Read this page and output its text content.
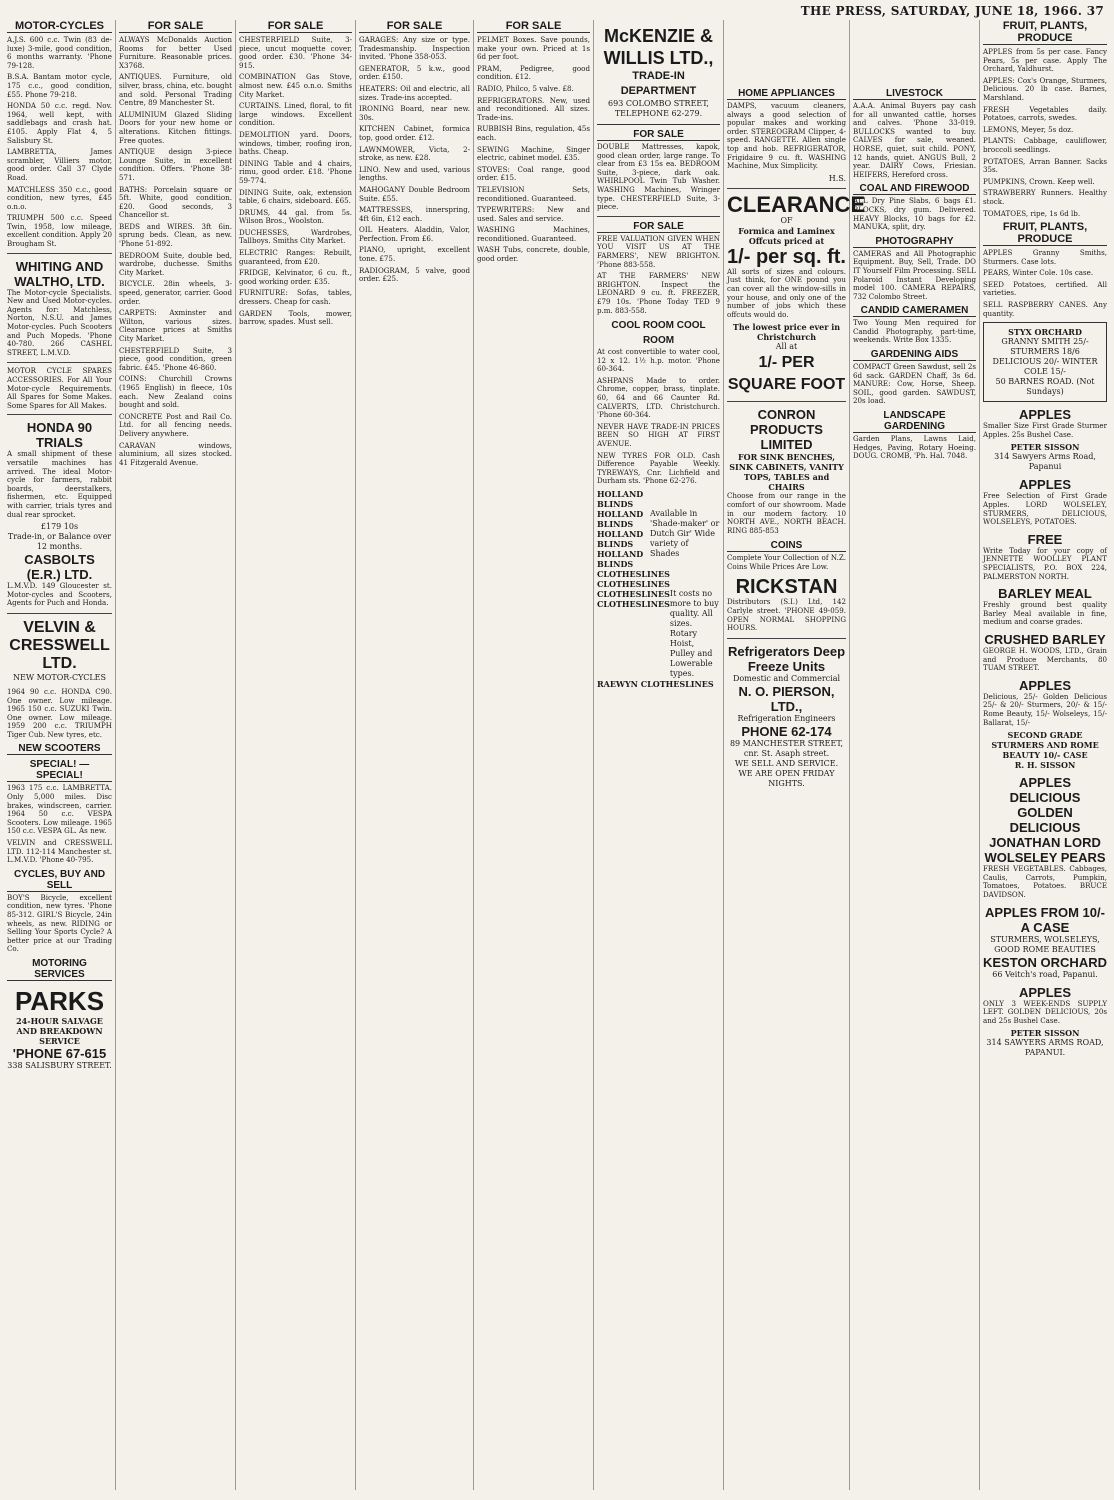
THE PRESS, SATURDAY, JUNE 18, 1966. 37
MOTOR-CYCLES

A.J.S. 600 c.c. Twin (83 de-luxe) 3-mile, good condition, 6 months warranty. 'Phone 79-128.

B.S.A. Bantam motor cycle, 175 c.c., good condition, £55. Phone 79-218.

HONDA 50 c.c. regd. Nov. 1964, well kept, with saddlebags and crash hat. £105. Apply Flat 4, 5 Salisbury St.

LAMBRETTA, James scrambler, Villiers motor, good order. Call 37 Clyde Road.

MATCHLESS 350 c.c., good condition, new tyres, £45 o.n.o.

TRIUMPH 500 c.c. Speed Twin, 1958, low mileage, excellent condition. Apply 20 Brougham St.

WHITING AND WALTHO, LTD.

The Motor-cycle Specialists. New and Used Motor-cycles. Agents for: Matchless, Norton, N.S.U. and James Motor-cycles. Puch Scooters and Puch Mopeds. 'Phone 40-780. 266 CASHEL STREET, L.M.V.D.

MOTOR CYCLE SPARES ACCESSORIES. For All Your Motor-cycle Requirements. All Spares for Some Makes. Some Spares for All Makes.

HONDA 90 TRIALS

A small shipment of these versatile machines has arrived. The ideal Motor-cycle for farmers, rabbit boards, deerstalkers, fishermen, etc. Equipped with carrier, trials tyres and dual rear sprocket.

£179 10s
Trade-in, or Balance over 12 months.
CASBOLTS (E.R.) LTD.

L.M.V.D. 149 Gloucester st. Motor-cycles and Scooters, Agents for Puch and Honda.

VELVIN & CRESSWELL LTD.
NEW MOTOR-CYCLES

1964 90 c.c. HONDA C90. One owner. Low mileage. 1965 150 c.c. SUZUKI Twin. One owner. Low mileage. 1959 200 c.c. TRIUMPH Tiger Cub. New tyres, etc.

NEW SCOOTERS
SPECIAL! — SPECIAL!

1963 175 c.c. LAMBRETTA. Only 5,000 miles. Disc brakes, windscreen, carrier. 1964 50 c.c. VESPA Scooters. Low mileage. 1965 150 c.c. VESPA GL. As new.

VELVIN and CRESSWELL LTD. 112-114 Manchester st. L.M.V.D. 'Phone 40-795.

CYCLES, BUY AND SELL

BOY'S Bicycle, excellent condition, new tyres. 'Phone 85-312. GIRL'S Bicycle, 24in wheels, as new. RIDING or Selling Your Sports Cycle? A better price at our Trading Co.

MOTORING SERVICES
PARKS
24-HOUR SALVAGE AND BREAKDOWN SERVICE
'PHONE 67-615
338 SALISBURY STREET.
FOR SALE

ALWAYS McDonalds Auction Rooms for better Used Furniture. Reasonable prices. X3768.

ANTIQUES. Furniture, old silver, brass, china, etc. bought and sold. Personal Trading Centre, 89 Manchester St.

ALUMINIUM Glazed Sliding Doors for your new home or alterations. Kitchen fittings. Free quotes.

ANTIQUE design 3-piece Lounge Suite, in excellent condition. Offers. 'Phone 38-571.

BATHS: Porcelain square or 5ft. White, good condition. £20. Good seconds, 3 Chancellor st.

BEDS and WIRES. 3ft 6in. sprung beds. Clean, as new. 'Phone 51-892.

BEDROOM Suite, double bed, wardrobe, duchesse. Smiths City Market.

BICYCLE. 28in wheels, 3-speed, generator, carrier. Good order.

CARPETS: Axminster and Wilton, various sizes. Clearance prices at Smiths City Market.

CHESTERFIELD Suite, 3 piece, good condition, green fabric. £45. 'Phone 46-860.

COINS: Churchill Crowns (1965 English) in fleece, 10s each. New Zealand coins bought and sold.

CONCRETE Post and Rail Co. Ltd. for all fencing needs. Delivery anywhere.

CARAVAN windows, aluminium, all sizes stocked. 41 Fitzgerald Avenue.

FOR SALE

CHESTERFIELD Suite, 3-piece, uncut moquette cover, good order. £30. 'Phone 34-915.

COMBINATION Gas Stove, almost new. £45 o.n.o. Smiths City Market.

CURTAINS. Lined, floral, to fit large windows. Excellent condition.

DEMOLITION yard. Doors, windows, timber, roofing iron, baths. Cheap.

DINING Table and 4 chairs, rimu, good order. £18. 'Phone 59-774.

DINING Suite, oak, extension table, 6 chairs, sideboard. £65.

DRUMS, 44 gal. from 5s. Wilson Bros., Woolston.

DUCHESSES, Wardrobes, Tallboys. Smiths City Market.

ELECTRIC Ranges: Rebuilt, guaranteed, from £20.

FRIDGE, Kelvinator, 6 cu. ft., good working order. £35.

FURNITURE: Sofas, tables, dressers. Cheap for cash.

GARDEN Tools, mower, barrow, spades. Must sell.

FOR SALE

GARAGES: Any size or type. Tradesmanship. Inspection invited. 'Phone 358-053.

GENERATOR, 5 k.w., good order. £150.

HEATERS: Oil and electric, all sizes. Trade-ins accepted.

IRONING Board, near new. 30s.

KITCHEN Cabinet, formica top, good order. £12.

LAWNMOWER, Victa, 2-stroke, as new. £28.

LINO. New and used, various lengths.

MAHOGANY Double Bedroom Suite. £55.

MATTRESSES, innerspring, 4ft 6in, £12 each.

OIL Heaters. Aladdin, Valor, Perfection. From £6.

PIANO, upright, excellent tone. £75.

RADIOGRAM, 5 valve, good order. £25.

FOR SALE

PELMET Boxes. Save pounds, make your own. Priced at 1s 6d per foot.

PRAM, Pedigree, good condition. £12.

RADIO, Philco, 5 valve. £8.

REFRIGERATORS. New, used and reconditioned. All sizes. Trade-ins.

RUBBISH Bins, regulation, 45s each.

SEWING Machine, Singer electric, cabinet model. £35.

STOVES: Coal range, good order. £15.

TELEVISION Sets, reconditioned. Guaranteed.

TYPEWRITERS: New and used. Sales and service.

WASHING Machines, reconditioned. Guaranteed.

WASH Tubs, concrete, double, good order.

McKENZIE & WILLIS LTD.,
TRADE-IN DEPARTMENT
693 COLOMBO STREET, TELEPHONE 62-279.
FOR SALE

DOUBLE Mattresses, kapok, good clean order, large range. To clear from £3 15s ea. BEDROOM Suite, 3-piece, dark oak. WHIRLPOOL Twin Tub Washer. WASHING Machines, Wringer type. CHESTERFIELD Suite, 3-piece.

FOR SALE

FREE VALUATION GIVEN WHEN YOU VISIT US AT THE FARMERS', NEW BRIGHTON. 'Phone 883-558.

AT THE FARMERS' NEW BRIGHTON. Inspect the LEONARD 9 cu. ft. FREEZER, £79 10s. 'Phone Today TED 9 p.m. 883-558.

COOL ROOM COOL ROOM

At cost convertible to water cool, 12 x 12. 1½ h.p. motor. 'Phone 60-364.

ASHPANS Made to order. Chrome, copper, brass, tinplate. 60, 64 and 66 Caunter Rd. CALVERTS, LTD. Christchurch. 'Phone 60-364.

NEVER HAVE TRADE-IN PRICES BEEN SO HIGH AT FIRST AVENUE.

NEW TYRES FOR OLD. Cash Difference Payable Weekly. TYREWAYS, Cnr. Lichfield and Durham sts. 'Phone 62-276.

HOLLAND BLINDS
HOLLAND BLINDS
HOLLAND BLINDS
HOLLAND BLINDS
Available in 'Shade-maker' or Dutch Gir' Wide variety of Shades
CLOTHESLINES
CLOTHESLINES
CLOTHESLINES
CLOTHESLINES
It costs no more to buy quality. All sizes. Rotary Hoist, Pulley and Lowerable types.
RAEWYN CLOTHESLINES
HOME APPLIANCES

DAMPS, vacuum cleaners, always a good selection of popular makes and working order. STEREOGRAM Clipper, 4-speed. RANGETTE. Allen single top and hob. REFRIGERATOR, Frigidaire 9 cu. ft. WASHING Machine, Mux Simplicity.

H.S.
CLEARANCE
OF
Formica and Laminex Offcuts priced at
1/- per sq. ft.

All sorts of sizes and colours. Just think, for ONE pound you can cover all the window-sills in your house, and only one of the number of jobs which these offcuts would do.

The lowest price ever in Christchurch
All at
1/- PER SQUARE FOOT
CONRON PRODUCTS LIMITED
FOR SINK BENCHES, SINK CABINETS, VANITY TOPS, TABLES and CHAIRS

Choose from our range in the comfort of our showroom. Made in our modern factory. 10 NORTH AVE., NORTH BEACH. RING 885-853

COINS

Complete Your Collection of N.Z. Coins While Prices Are Low.

RICKSTAN

Distributors (S.I.) Ltd, 142 Carlyle street. 'PHONE 49-059. OPEN NORMAL SHOPPING HOURS.

Refrigerators Deep Freeze Units
Domestic and Commercial
N. O. PIERSON, LTD.,
Refrigeration Engineers
PHONE 62-174
89 MANCHESTER STREET, cnr. St. Asaph street.
WE SELL AND SERVICE. WE ARE OPEN FRIDAY NIGHTS.
LIVESTOCK

A.A.A. Animal Buyers pay cash for all unwanted cattle, horses and calves. 'Phone 33-019. BULLOCKS wanted to buy. CALVES for sale, weaned. HORSE, quiet, suit child. PONY, 12 hands, quiet. ANGUS Bull, 2 year. DAIRY Cows, Friesian. HEIFERS, Hereford cross.

COAL AND FIREWOOD

ALL Dry Pine Slabs, 6 bags £1. BLOCKS, dry gum. Delivered. HEAVY Blocks, 10 bags for £2. MANUKA, split, dry.

PHOTOGRAPHY

CAMERAS and All Photographic Equipment. Buy, Sell, Trade. DO IT Yourself Film Processing. SELL Polaroid Instant Developing model 100. CAMERA REPAIRS, 732 Colombo Street.

CANDID CAMERAMEN

Two Young Men required for Candid Photography, part-time, weekends. Write Box 1335.

GARDENING AIDS

COMPACT Green Sawdust, sell 2s 6d sack. GARDEN Chaff, 3s 6d. MANURE: Cow, Horse, Sheep. SOIL, good garden. SAWDUST, 20s load.

LANDSCAPE GARDENING

Garden Plans, Lawns Laid, Hedges, Paving, Rotary Hoeing. DOUG. CROMB, 'Ph. Hal. 7048.

FRUIT, PLANTS, PRODUCE

APPLES from 5s per case. Fancy Pears, 5s per case. Apply The Orchard, Yaldhurst.

APPLES: Cox's Orange, Sturmers, Delicious. 20 lb case. Barnes, Marshland.

FRESH Vegetables daily. Potatoes, carrots, swedes.

LEMONS, Meyer, 5s doz.

PLANTS: Cabbage, cauliflower, broccoli seedlings.

POTATOES, Arran Banner. Sacks 35s.

PUMPKINS, Crown. Keep well.

STRAWBERRY Runners. Healthy stock.

TOMATOES, ripe, 1s 6d lb.

FRUIT, PLANTS, PRODUCE

APPLES Granny Smiths, Sturmers. Case lots.

PEARS, Winter Cole. 10s case.

SEED Potatoes, certified. All varieties.

SELL RASPBERRY CANES. Any quantity.

STYX ORCHARD
GRANNY SMITH 25/- STURMERS 18/6 DELICIOUS 20/- WINTER COLE 15/-
50 BARNES ROAD. (Not Sundays)
APPLES

Smaller Size First Grade Sturmer Apples. 25s Bushel Case.

PETER SISSON
314 Sawyers Arms Road, Papanui
APPLES

Free Selection of First Grade Apples. LORD WOLSELEY, STURMERS, DELICIOUS, WOLSELEYS, POTATOES.

FREE

Write Today for your copy of JENNETTE WOOLLEY PLANT SPECIALISTS, P.O. BOX 224, PALMERSTON NORTH.

BARLEY MEAL

Freshly ground best quality Barley Meal available in fine, medium and coarse grades.

CRUSHED BARLEY

GEORGE H. WOODS, LTD., Grain and Produce Merchants, 80 TUAM STREET.

APPLES

Delicious, 25/- Golden Delicious 25/- & 20/- Sturmers, 20/- & 15/- Rome Beauty, 15/- Wolseleys, 15/- Ballarat, 15/-

SECOND GRADE STURMERS AND ROME BEAUTY 10/- CASE
R. H. SISSON
APPLES DELICIOUS GOLDEN DELICIOUS JONATHAN LORD WOLSELEY PEARS

FRESH VEGETABLES. Cabbages, Caulis, Carrots, Pumpkin, Tomatoes, Potatoes. BRUCE DAVIDSON.

APPLES FROM 10/- A CASE
STURMERS, WOLSELEYS, GOOD ROME BEAUTIES
KESTON ORCHARD
66 Veitch's road, Papanui.
APPLES

ONLY 3 WEEK-ENDS SUPPLY LEFT. GOLDEN DELICIOUS, 20s and 25s Bushel Case.

PETER SISSON
314 SAWYERS ARMS ROAD, PAPANUI.
